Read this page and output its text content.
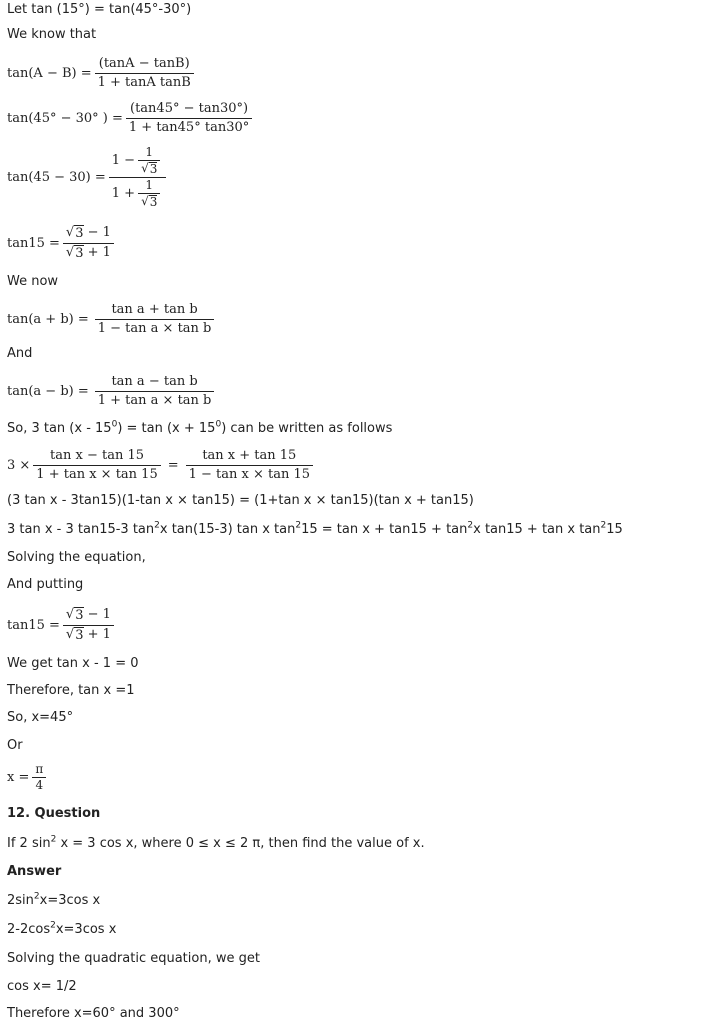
Let tan (15°) = tan(45°-30°)
We know that
$\tan(A - B) = \frac{(\tan A - \tan B)}{\text{1 + tanA tanB}}$
tan(45° − 30° ) = $\frac{(\tan 45^\circ - \tan 30^\circ)}{1 + \tan 45^\circ \tan 30^\circ}$
$\tan(45 - 30) = \frac{1 - \frac{1}{√ 3}}{1 + \frac{1}{√ 3}}$
$\tan 15 = \frac{√ 3 - 1}{√ 3 + 1}$
We now
$\tan(a + b) = \frac{\text{tan a + tan b}}{\text{1 − tan a × tan b}}$
And
$\tan(a - b) = \frac{\text{tan a − tan b}}{\text{1 + tan a × tan b}}$
So, 3 $\tan (x - 15^0) = \tan (x + 15^0)$ can be written as follows
$3 \times \frac{\text{tan x − tan 15}}{\text{1 + tan x × tan 15}} = \frac{\text{tan x + tan 15}}{\text{1 − tan x × tan 15}}$
(3 tan x - 3tan15)(1-tan x × tan15) = (1+tan x × tan15)(tan x + tan15)
3 tan x - 3 tan15-3 $\tan^2x$ tan(15-3) tan x $\tan^215 = \tan x + \tan 15 + \tan^2x$ tan15 + tan x $\tan^215$
Solving the equation,
And putting
$\tan 15 = \frac{√ 3 - 1}{√ 3 + 1}$
We get tan x - 1 = 0
Therefore, tan x =1
So, x=45°
Or
$x = \frac{\pi}{4}$
12. Question
If 2 $\sin^2 x = 3$ cos x, where 0 ≤ x ≤ 2 π, then find the value of x.
Answer
$2\sin^2x=3\cos$ x
$2-2\cos^2x=3\cos$ x
Solving the quadratic equation, we get
cos x= 1/2
Therefore x=60° and 300°
